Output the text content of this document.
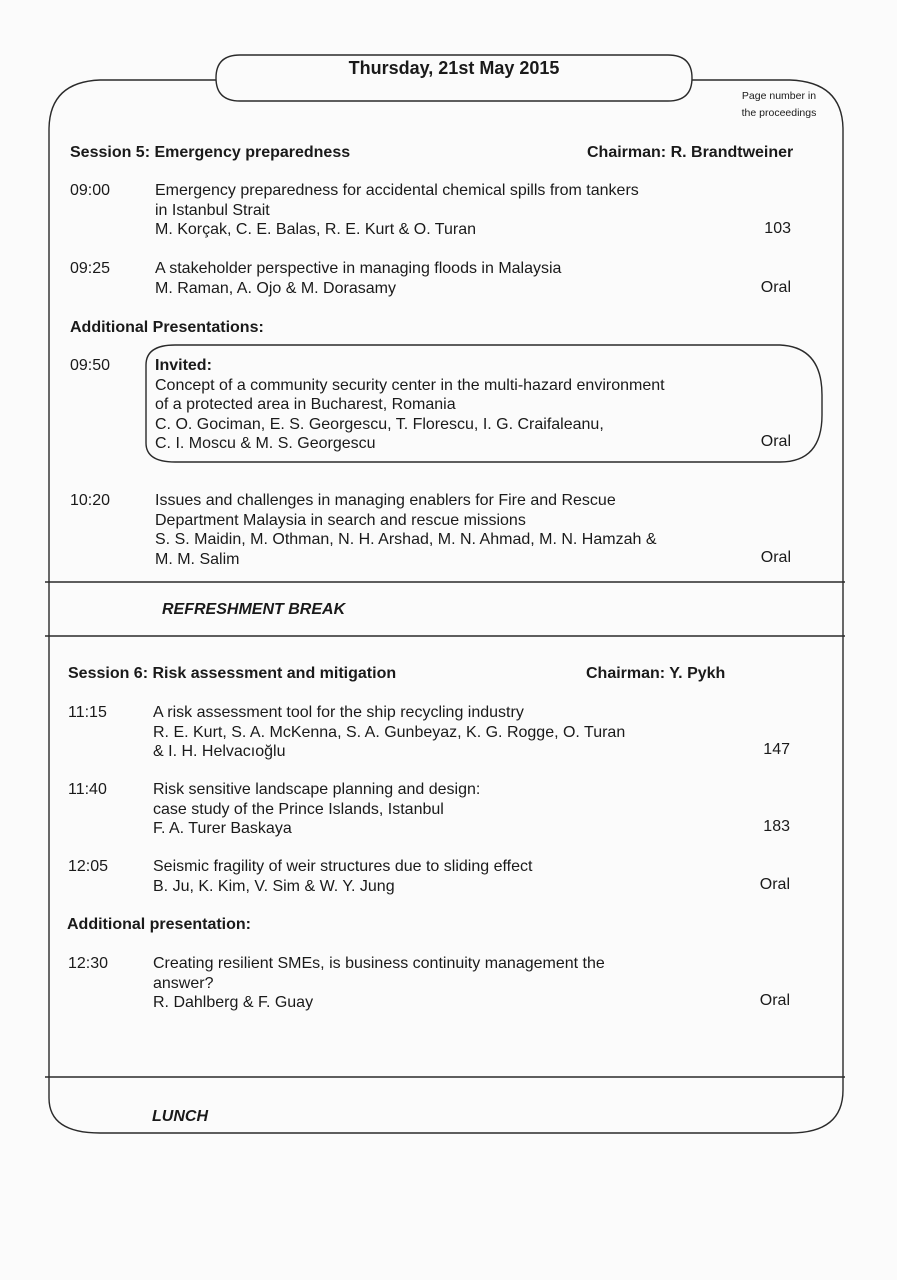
Thursday, 21st May 2015
Page number in
the proceedings
Session 5: Emergency preparedness	Chairman: R. Brandtweiner
09:00	Emergency preparedness for accidental chemical spills from tankers
in Istanbul Strait
M. Korçak, C. E. Balas, R. E. Kurt & O. Turan	103
09:25	A stakeholder perspective in managing floods in Malaysia
M. Raman, A. Ojo & M. Dorasamy	Oral
Additional Presentations:
09:50	Invited:
Concept of a community security center in the multi-hazard environment
of a protected area in Bucharest, Romania
C. O. Gociman, E. S. Georgescu, T. Florescu, I. G. Craifaleanu,
C. I. Moscu & M. S. Georgescu	Oral
10:20	Issues and challenges in managing enablers for Fire and Rescue
Department Malaysia in search and rescue missions
S. S. Maidin, M. Othman, N. H. Arshad, M. N. Ahmad, M. N. Hamzah &
M. M. Salim	Oral
REFRESHMENT BREAK
Session 6: Risk assessment and mitigation	Chairman: Y. Pykh
11:15	A risk assessment tool for the ship recycling industry
R. E. Kurt, S. A. McKenna, S. A. Gunbeyaz, K. G. Rogge, O. Turan
& I. H. Helvacıoğlu	147
11:40	Risk sensitive landscape planning and design:
case study of the Prince Islands, Istanbul
F. A. Turer Baskaya	183
12:05	Seismic fragility of weir structures due to sliding effect
B. Ju, K. Kim, V. Sim & W. Y. Jung	Oral
Additional presentation:
12:30	Creating resilient SMEs, is business continuity management the
answer?
R. Dahlberg & F. Guay	Oral
LUNCH
